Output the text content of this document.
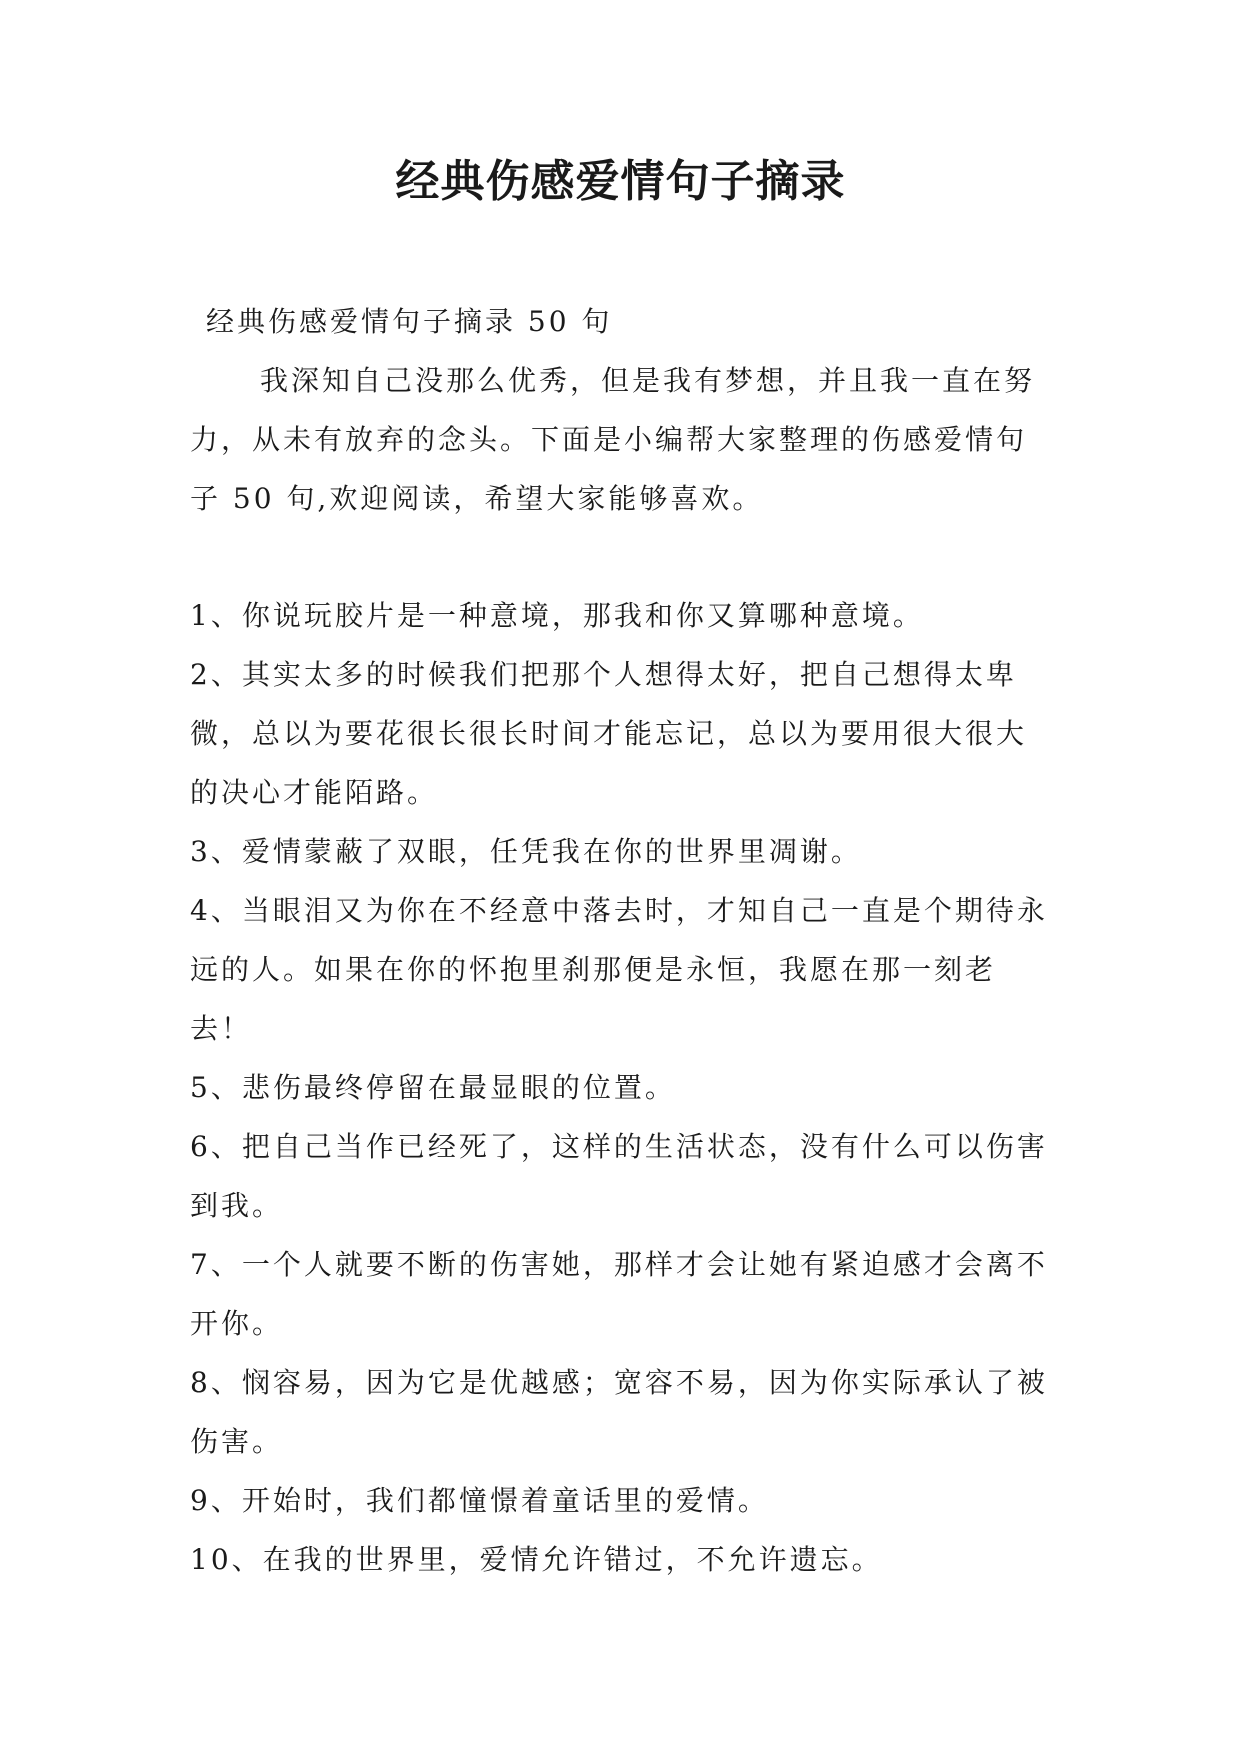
经典伤感爱情句子摘录

经典伤感爱情句子摘录 50 句

我深知自己没那么优秀，但是我有梦想，并且我一直在努力，从未有放弃的念头。下面是小编帮大家整理的伤感爱情句子 50 句,欢迎阅读，希望大家能够喜欢。

1、你说玩胶片是一种意境，那我和你又算哪种意境。

2、其实太多的时候我们把那个人想得太好，把自己想得太卑微，总以为要花很长很长时间才能忘记，总以为要用很大很大的决心才能陌路。

3、爱情蒙蔽了双眼，任凭我在你的世界里凋谢。

4、当眼泪又为你在不经意中落去时，才知自己一直是个期待永远的人。如果在你的怀抱里刹那便是永恒，我愿在那一刻老去！

5、悲伤最终停留在最显眼的位置。

6、把自己当作已经死了，这样的生活状态，没有什么可以伤害到我。

7、一个人就要不断的伤害她，那样才会让她有紧迫感才会离不开你。

8、悯容易，因为它是优越感；宽容不易，因为你实际承认了被伤害。

9、开始时，我们都憧憬着童话里的爱情。

10、在我的世界里，爱情允许错过，不允许遗忘。
